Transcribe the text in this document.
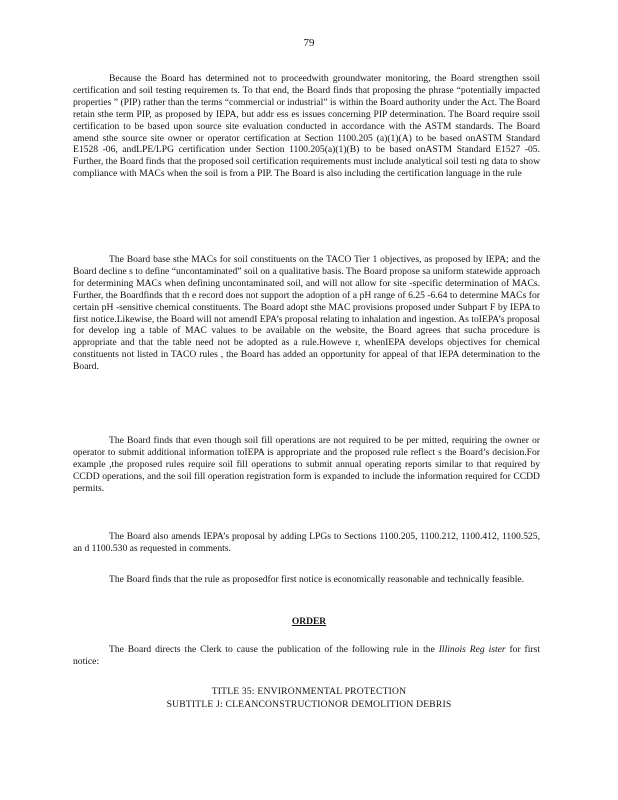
79

Because the Board has determined not to proceedwith groundwater monitoring, the Board strengthen ssoil certification and soil testing requiremen ts. To that end, the Board finds that proposing the phrase “potentially impacted properties ” (PIP) rather than the terms “commercial or industrial” is within the Board authority under the Act. The Board retain sthe term PIP, as proposed by IEPA, but addr ess es issues concerning PIP determination. The Board require ssoil certification to be based upon source site evaluation conducted in accordance with the ASTM standards. The Board amend sthe source site owner or operator certification at Section 1100.205 (a)(1)(A) to be based onASTM Standard E1528 -06, andLPE/LPG certification under Section 1100.205(a)(1)(B) to be based onASTM Standard E1527 -05. Further, the Board finds that the proposed soil certification requirements must include analytical soil testi ng data to show compliance with MACs when the soil is from a PIP. The Board is also including the certification language in the rule

The Board base sthe MACs for soil constituents on the TACO Tier 1 objectives, as proposed by IEPA; and the Board decline s to define “uncontaminated” soil on a qualitative basis. The Board propose sa uniform statewide approach for determining MACs when defining uncontaminated soil, and will not allow for site -specific determination of MACs. Further, the Boardfinds that th e record does not support the adoption of a pH range of 6.25 -6.64 to determine MACs for certain pH -sensitive chemical constituents. The Board adopt sthe MAC provisions proposed under Subpart F by IEPA to first notice.Likewise, the Board will not amendI EPA’s proposal relating to inhalation and ingestion. As toIEPA’s proposal for develop ing a table of MAC values to be available on the website, the Board agrees that sucha procedure is appropriate and that the table need not be adopted as a rule.Howeve r, whenIEPA develops objectives for chemical constituents not listed in TACO rules , the Board has added an opportunity for appeal of that IEPA determination to the Board.

The Board finds that even though soil fill operations are not required to be per mitted, requiring the owner or operator to submit additional information toIEPA is appropriate and the proposed rule reflect s the Board’s decision.For example ,the proposed rules require soil fill operations to submit annual operating reports similar to that required by CCDD operations, and the soil fill operation registration form is expanded to include the information required for CCDD permits.

The Board also amends IEPA’s proposal by adding LPGs to Sections 1100.205, 1100.212, 1100.412, 1100.525, an d 1100.530 as requested in comments.

The Board finds that the rule as proposedfor first notice is economically reasonable and technically feasible.

ORDER

The Board directs the Clerk to cause the publication of the following rule in the Illinois Reg ister for first notice:

TITLE 35: ENVIRONMENTAL PROTECTION
SUBTITLE J: CLEANCONSTRUCTIONOR DEMOLITION DEBRIS
